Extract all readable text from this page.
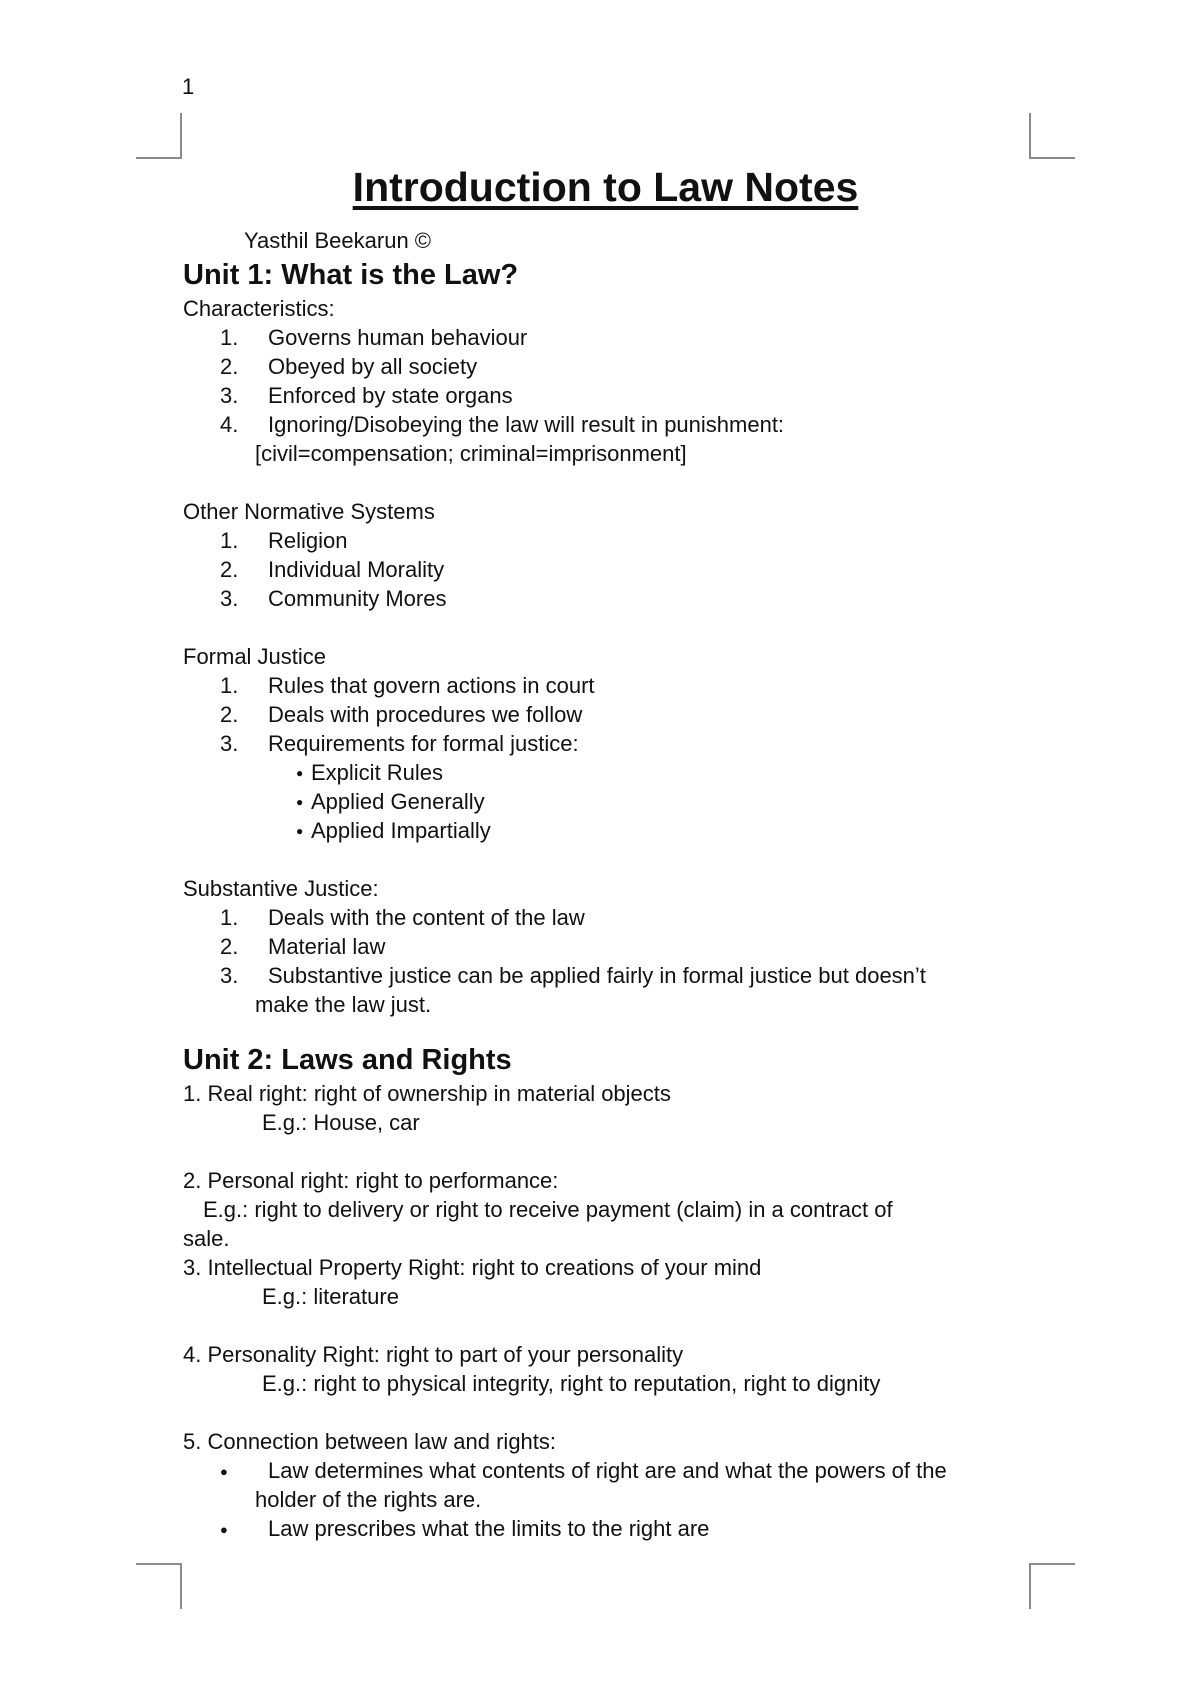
1
Introduction to Law Notes
Yasthil Beekarun ©
Unit 1: What is the Law?

Characteristics:

1. Governs human behaviour
2. Obeyed by all society
3. Enforced by state organs
4. Ignoring/Disobeying the law will result in punishment:
[civil=compensation; criminal=imprisonment]

Other Normative Systems

1. Religion
2. Individual Morality
3. Community Mores

Formal Justice

1. Rules that govern actions in court
2. Deals with procedures we follow
3. Requirements for formal justice:
● Explicit Rules
● Applied Generally
● Applied Impartially

Substantive Justice:

1. Deals with the content of the law
2. Material law
3. Substantive justice can be applied fairly in formal justice but doesn’t
make the law just.
Unit 2: Laws and Rights

1. Real right: right of ownership in material objects

E.g.: House, car

2. Personal right: right to performance:

E.g.: right to delivery or right to receive payment (claim) in a contract of

sale.

3. Intellectual Property Right: right to creations of your mind

E.g.: literature

4. Personality Right: right to part of your personality

E.g.: right to physical integrity, right to reputation, right to dignity

5. Connection between law and rights:

● Law determines what contents of right are and what the powers of the
holder of the rights are.
● Law prescribes what the limits to the right are
